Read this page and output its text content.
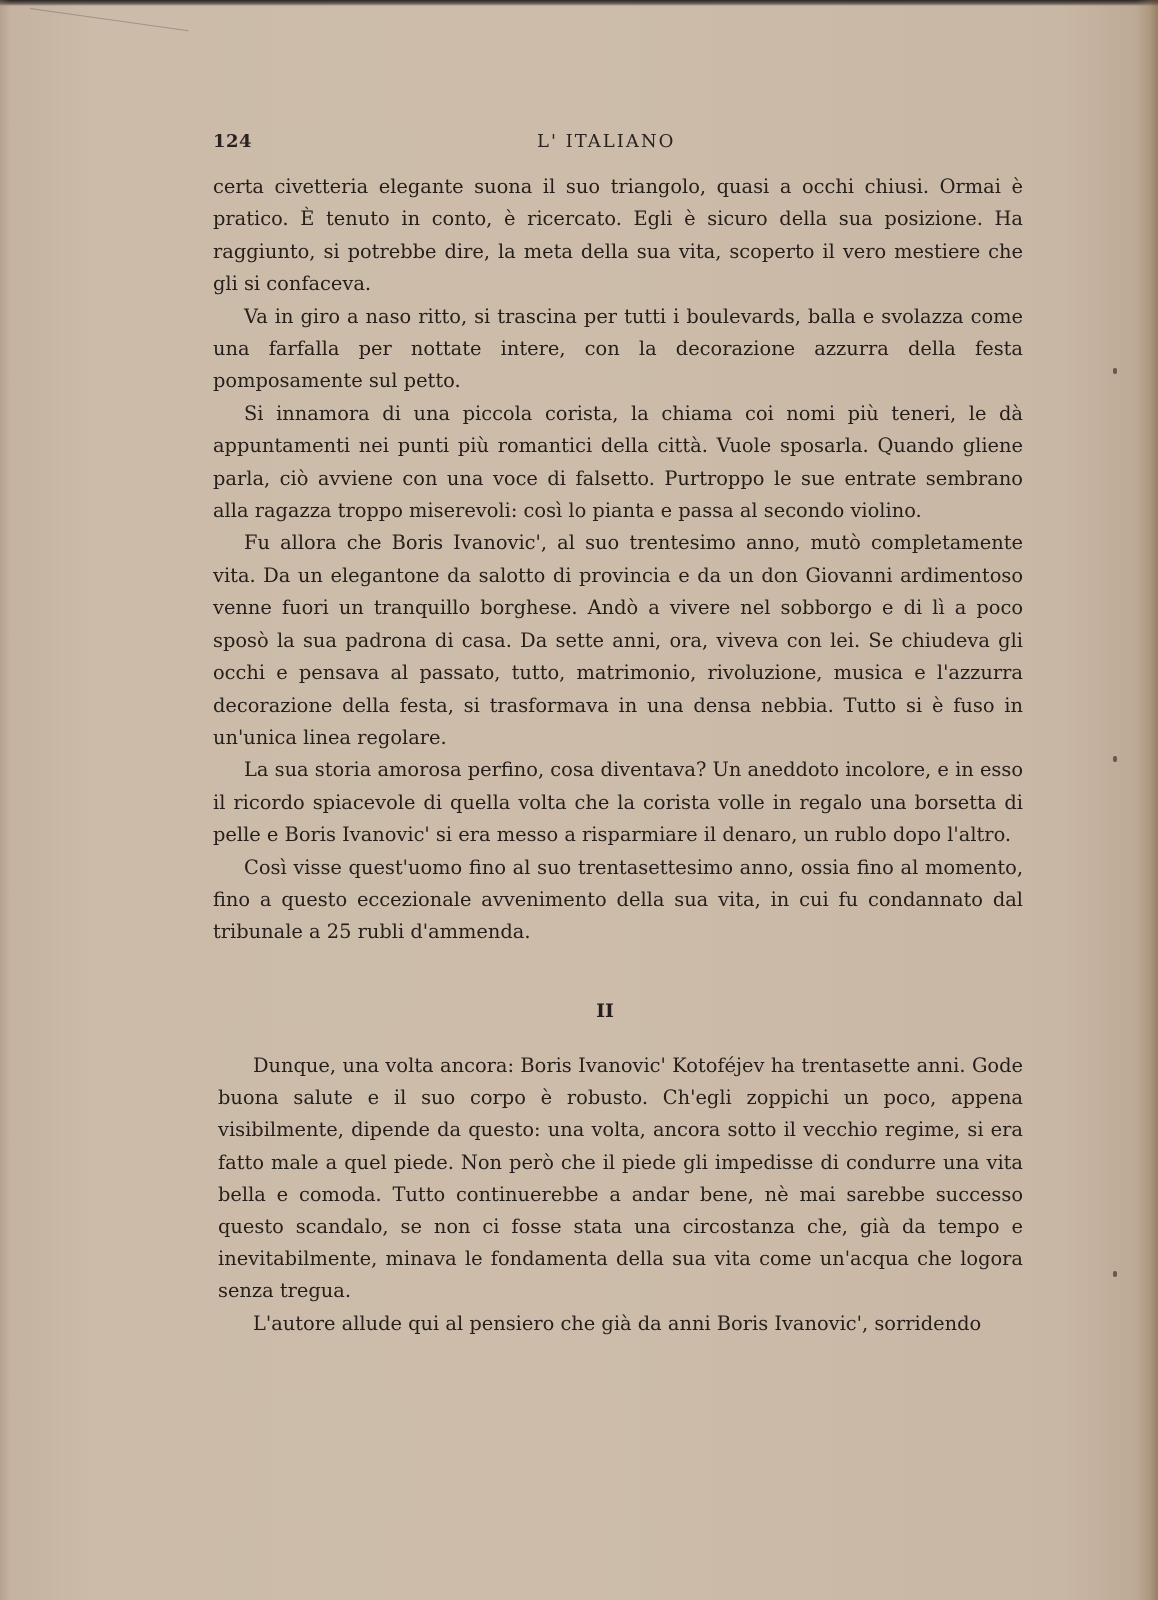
124	L' ITALIANO

certa civetteria elegante suona il suo triangolo, quasi a occhi chiusi. Ormai è pratico. È tenuto in conto, è ricercato. Egli è sicuro della sua posizione. Ha raggiunto, si potrebbe dire, la meta della sua vita, scoperto il vero mestiere che gli si confaceva.

Va in giro a naso ritto, si trascina per tutti i boulevards, balla e svolazza come una farfalla per nottate intere, con la decorazione azzurra della festa pomposamente sul petto.

Si innamora di una piccola corista, la chiama coi nomi più teneri, le dà appuntamenti nei punti più romantici della città. Vuole sposarla. Quando gliene parla, ciò avviene con una voce di falsetto. Purtroppo le sue entrate sembrano alla ragazza troppo miserevoli: così lo pianta e passa al secondo violino.

Fu allora che Boris Ivanovic', al suo trentesimo anno, mutò completamente vita. Da un elegantone da salotto di provincia e da un don Giovanni ardimentoso venne fuori un tranquillo borghese. Andò a vivere nel sobborgo e di lì a poco sposò la sua padrona di casa. Da sette anni, ora, viveva con lei. Se chiudeva gli occhi e pensava al passato, tutto, matrimonio, rivoluzione, musica e l'azzurra decorazione della festa, si trasformava in una densa nebbia. Tutto si è fuso in un'unica linea regolare.

La sua storia amorosa perfino, cosa diventava? Un aneddoto incolore, e in esso il ricordo spiacevole di quella volta che la corista volle in regalo una borsetta di pelle e Boris Ivanovic' si era messo a risparmiare il denaro, un rublo dopo l'altro.

Così visse quest'uomo fino al suo trentasettesimo anno, ossia fino al momento, fino a questo eccezionale avvenimento della sua vita, in cui fu condannato dal tribunale a 25 rubli d'ammenda.

II

Dunque, una volta ancora: Boris Ivanovic' Kotoféjev ha trentasette anni. Gode buona salute e il suo corpo è robusto. Ch'egli zoppichi un poco, appena visibilmente, dipende da questo: una volta, ancora sotto il vecchio regime, si era fatto male a quel piede. Non però che il piede gli impedisse di condurre una vita bella e comoda. Tutto continuerebbe a andar bene, nè mai sarebbe successo questo scandalo, se non ci fosse stata una circostanza che, già da tempo e inevitabilmente, minava le fondamenta della sua vita come un'acqua che logora senza tregua.

L'autore allude qui al pensiero che già da anni Boris Ivanovic', sorridendo
